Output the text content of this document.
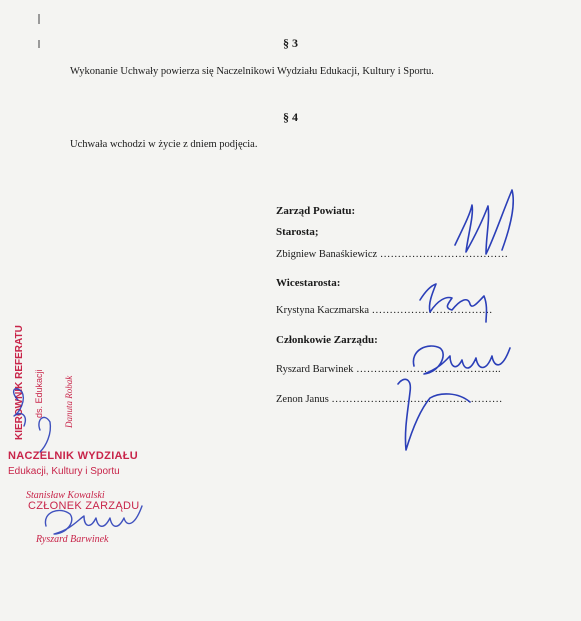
§ 3
Wykonanie Uchwały powierza się Naczelnikowi Wydziału Edukacji, Kultury i Sportu.
§ 4
Uchwała wchodzi w życie z dniem podjęcia.
Zarząd Powiatu:
Starosta;
Zbigniew Banaśkiewicz ………………………………
Wicestarosta:
Krystyna Kaczmarska …………………………….
Członkowie Zarządu:
Ryszard Barwinek …………………………………..
Zenon Janus …………………………………………
KIEROWNIK REFERATU ds. Edukacji Danuta Robak
NACZELNIK WYDZIAŁU
Edukacji, Kultury i Sportu
Stanisław Kowalski
CZŁONEK ZARZĄDU
Ryszard Barwinek
